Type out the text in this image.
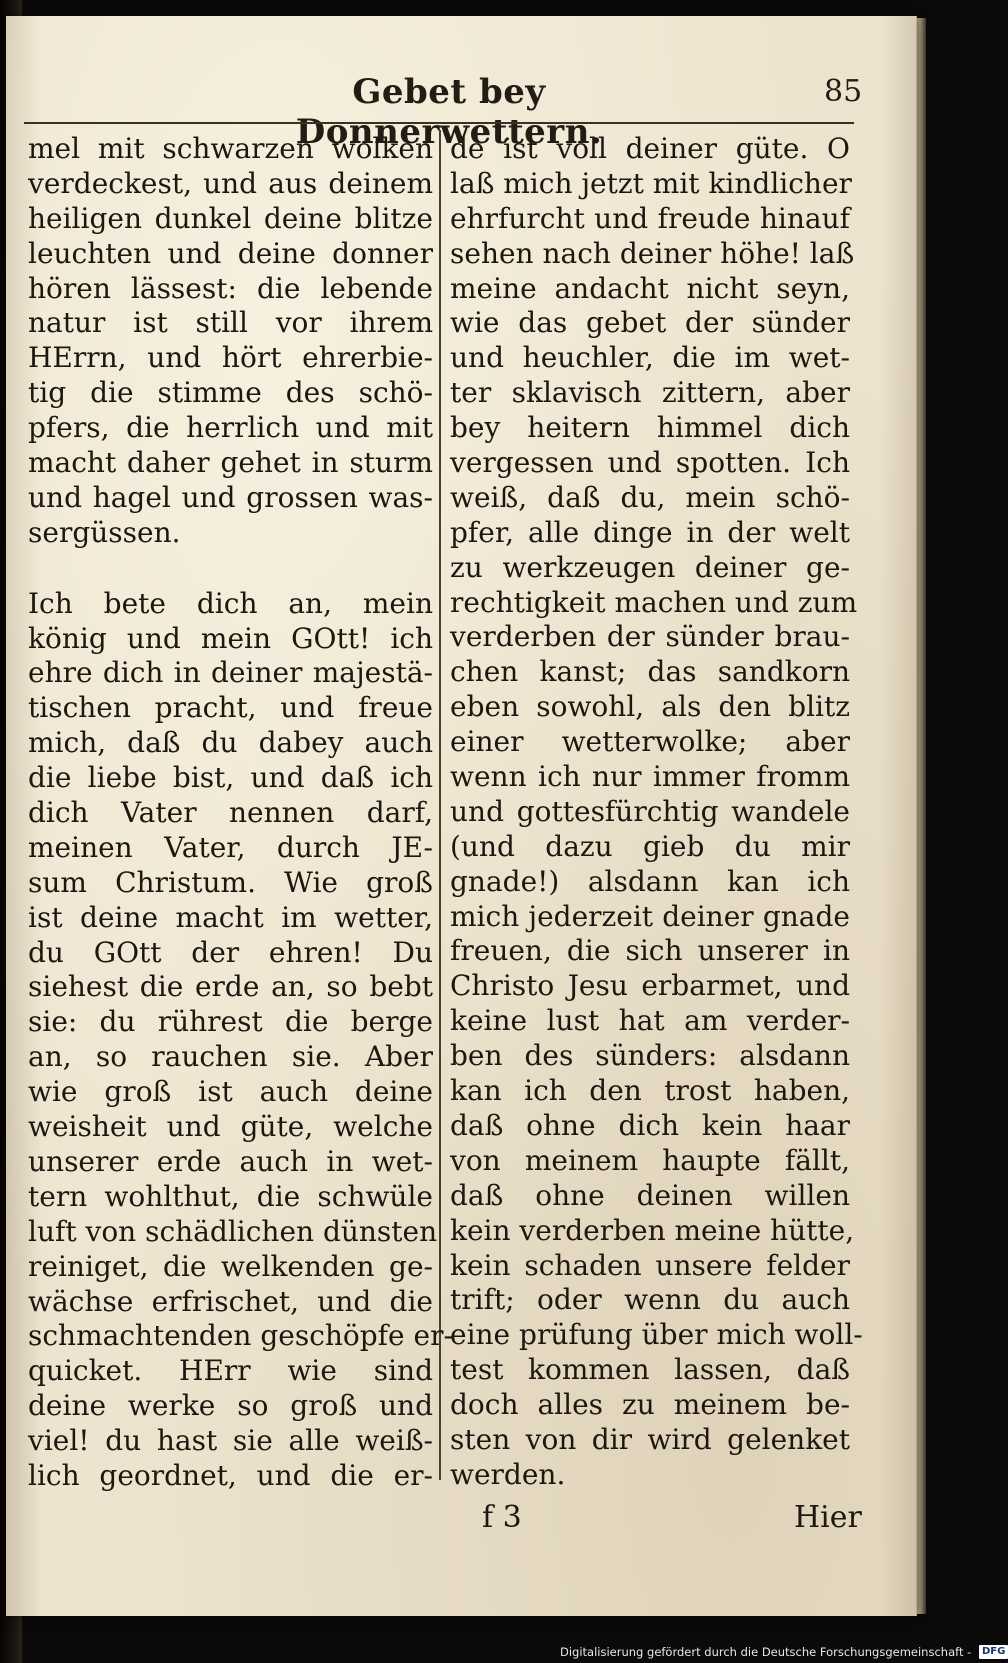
Gebet bey Donnerwettern.
85
mel mit schwarzen wolken
verdeckest, und aus deinem
heiligen dunkel deine blitze
leuchten und deine donner
hören lässest: die lebende
natur ist still vor ihrem
HErrn, und hört ehrerbie-
tig die stimme des schö-
pfers, die herrlich und mit
macht daher gehet in sturm
und hagel und grossen was-
sergüssen.
Ich bete dich an, mein
könig und mein GOtt! ich
ehre dich in deiner majestä-
tischen pracht, und freue
mich, daß du dabey auch
die liebe bist, und daß ich
dich Vater nennen darf,
meinen Vater, durch JE-
sum Christum. Wie groß
ist deine macht im wetter,
du GOtt der ehren! Du
siehest die erde an, so bebt
sie: du rührest die berge
an, so rauchen sie. Aber
wie groß ist auch deine
weisheit und güte, welche
unserer erde auch in wet-
tern wohlthut, die schwüle
luft von schädlichen dünsten
reiniget, die welkenden ge-
wächse erfrischet, und die
schmachtenden geschöpfe er-
quicket. HErr wie sind
deine werke so groß und
viel! du hast sie alle weiß-
lich geordnet, und die er-
de ist voll deiner güte. O
laß mich jetzt mit kindlicher
ehrfurcht und freude hinauf
sehen nach deiner höhe! laß
meine andacht nicht seyn,
wie das gebet der sünder
und heuchler, die im wet-
ter sklavisch zittern, aber
bey heitern himmel dich
vergessen und spotten. Ich
weiß, daß du, mein schö-
pfer, alle dinge in der welt
zu werkzeugen deiner ge-
rechtigkeit machen und zum
verderben der sünder brau-
chen kanst; das sandkorn
eben sowohl, als den blitz
einer wetterwolke; aber
wenn ich nur immer fromm
und gottesfürchtig wandele
(und dazu gieb du mir
gnade!) alsdann kan ich
mich jederzeit deiner gnade
freuen, die sich unserer in
Christo Jesu erbarmet, und
keine lust hat am verder-
ben des sünders: alsdann
kan ich den trost haben,
daß ohne dich kein haar
von meinem haupte fällt,
daß ohne deinen willen
kein verderben meine hütte,
kein schaden unsere felder
trift; oder wenn du auch
eine prüfung über mich woll-
test kommen lassen, daß
doch alles zu meinem be-
sten von dir wird gelenket
werden.
f 3	Hier
Digitalisierung gefördert durch die Deutsche Forschungsgemeinschaft - DFG
